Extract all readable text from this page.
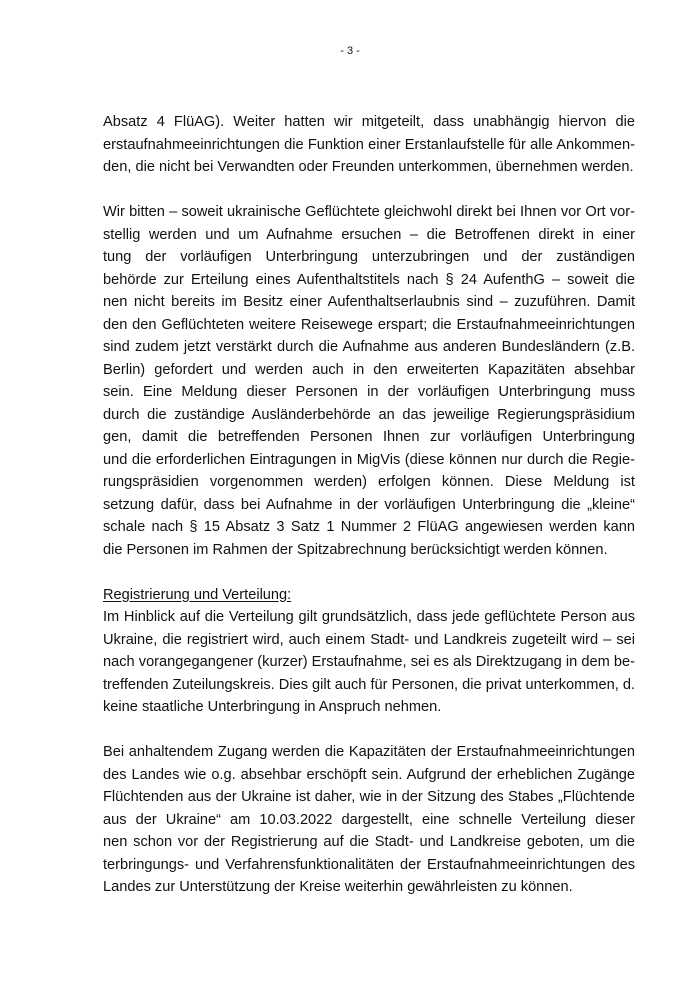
- 3 -
Absatz 4 FlüAG). Weiter hatten wir mitgeteilt, dass unabhängig hiervon die
erstaufnahmeeinrichtungen die Funktion einer Erstanlaufstelle für alle Ankommen-
den, die nicht bei Verwandten oder Freunden unterkommen, übernehmen werden.
Wir bitten – soweit ukrainische Geflüchtete gleichwohl direkt bei Ihnen vor Ort vor-
stellig werden und um Aufnahme ersuchen – die Betroffenen direkt in einer
tung der vorläufigen Unterbringung unterzubringen und der zuständigen
behörde zur Erteilung eines Aufenthaltstitels nach § 24 AufenthG – soweit die
nen nicht bereits im Besitz einer Aufenthaltserlaubnis sind – zuzuführen. Damit
den den Geflüchteten weitere Reisewege erspart; die Erstaufnahmeeinrichtungen
sind zudem jetzt verstärkt durch die Aufnahme aus anderen Bundesländern (z.B.
Berlin) gefordert und werden auch in den erweiterten Kapazitäten absehbar
sein. Eine Meldung dieser Personen in der vorläufigen Unterbringung muss
durch die zuständige Ausländerbehörde an das jeweilige Regierungspräsidium
gen, damit die betreffenden Personen Ihnen zur vorläufigen Unterbringung
und die erforderlichen Eintragungen in MigVis (diese können nur durch die Regie-
rungspräsidien vorgenommen werden) erfolgen können. Diese Meldung ist
setzung dafür, dass bei Aufnahme in der vorläufigen Unterbringung die „kleine“
schale nach § 15 Absatz 3 Satz 1 Nummer 2 FlüAG angewiesen werden kann
die Personen im Rahmen der Spitzabrechnung berücksichtigt werden können.
Registrierung und Verteilung:
Im Hinblick auf die Verteilung gilt grundsätzlich, dass jede geflüchtete Person aus
Ukraine, die registriert wird, auch einem Stadt- und Landkreis zugeteilt wird – sei
nach vorangegangener (kurzer) Erstaufnahme, sei es als Direktzugang in dem be-
treffenden Zuteilungskreis. Dies gilt auch für Personen, die privat unterkommen, d.
keine staatliche Unterbringung in Anspruch nehmen.
Bei anhaltendem Zugang werden die Kapazitäten der Erstaufnahmeeinrichtungen
des Landes wie o.g. absehbar erschöpft sein. Aufgrund der erheblichen Zugänge
Flüchtenden aus der Ukraine ist daher, wie in der Sitzung des Stabes „Flüchtende
aus der Ukraine“ am 10.03.2022 dargestellt, eine schnelle Verteilung dieser
nen schon vor der Registrierung auf die Stadt- und Landkreise geboten, um die
terbringungs- und Verfahrensfunktionalitäten der Erstaufnahmeeinrichtungen des
Landes zur Unterstützung der Kreise weiterhin gewährleisten zu können.
